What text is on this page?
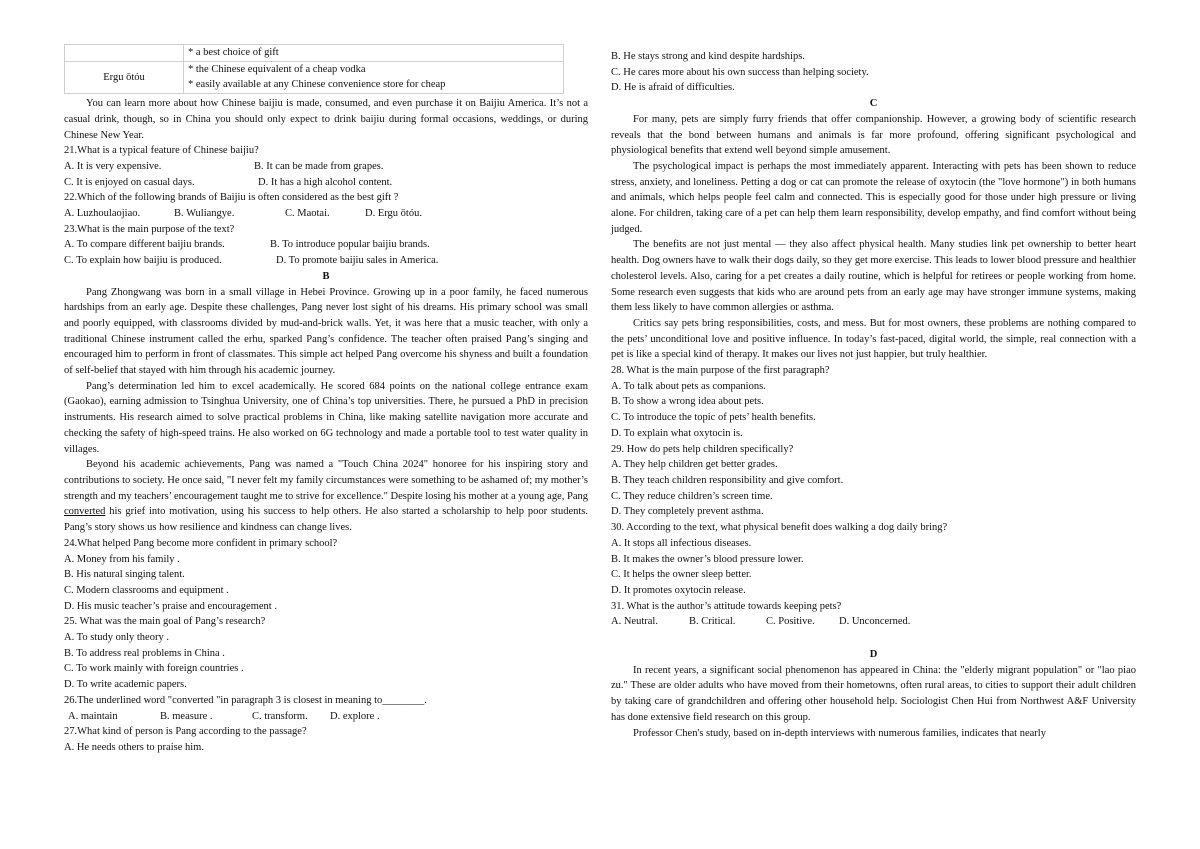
	* a best choice of gift

Ergu ōtóu	* the Chinese equivalent of a cheap vodka
* easily available at any Chinese convenience store for cheap

You can learn more about how Chinese baijiu is made, consumed, and even purchase it on Baijiu America. It’s not a casual drink, though, so in China you should only expect to drink baijiu during formal occasions, weddings, or during Chinese New Year.

21.What is a typical feature of Chinese baijiu?

A. It is very expensive.	B. It can be made from grapes.
C. It is enjoyed on casual days.	D. It has a high alcohol content.

22.Which of the following brands of Baijiu is often considered as the best gift ?

A. Luzhoulaojiao.	B. Wuliangye.	C. Maotai.	D. Ergu ōtóu.

23.What is the main purpose of the text?

A. To compare different baijiu brands.	B. To introduce popular baijiu brands.
C. To explain how baijiu is produced.	D. To promote baijiu sales in America.

B

Pang Zhongwang was born in a small village in Hebei Province. Growing up in a poor family, he faced numerous hardships from an early age. Despite these challenges, Pang never lost sight of his dreams. His primary school was small and poorly equipped, with classrooms divided by mud-and-brick walls. Yet, it was here that a music teacher, with only a traditional Chinese instrument called the erhu, sparked Pang’s confidence. The teacher often praised Pang’s singing and encouraged him to perform in front of classmates. This simple act helped Pang overcome his shyness and built a foundation of self-belief that stayed with him through his academic journey.

Pang’s determination led him to excel academically. He scored 684 points on the national college entrance exam (Gaokao), earning admission to Tsinghua University, one of China’s top universities. There, he pursued a PhD in precision instruments. His research aimed to solve practical problems in China, like making satellite navigation more accurate and checking the safety of high-speed trains. He also worked on 6G technology and made a portable tool to test water quality in villages.

Beyond his academic achievements, Pang was named a "Touch China 2024" honoree for his inspiring story and contributions to society. He once said, "I never felt my family circumstances were something to be ashamed of; my mother’s strength and my teachers’ encouragement taught me to strive for excellence." Despite losing his mother at a young age, Pang converted his grief into motivation, using his success to help others. He also started a scholarship to help poor students. Pang’s story shows us how resilience and kindness can change lives.

24.What helped Pang become more confident in primary school?

A. Money from his family .

B. His natural singing talent.

C. Modern classrooms and equipment .

D. His music teacher’s praise and encouragement .

25. What was the main goal of Pang’s research?

A. To study only theory .

B. To address real problems in China .

C. To work mainly with foreign countries .

D. To write academic papers.

26.The underlined word "converted "in paragraph 3 is closest in meaning to________.

A. maintain	B. measure .	C. transform.	D. explore .

27.What kind of person is Pang according to the passage?

A. He needs others to praise him.

B. He stays strong and kind despite hardships.

C. He cares more about his own success than helping society.

D. He is afraid of difficulties.

C

For many, pets are simply furry friends that offer companionship. However, a growing body of scientific research reveals that the bond between humans and animals is far more profound, offering significant psychological and physiological benefits that extend well beyond simple amusement.

The psychological impact is perhaps the most immediately apparent. Interacting with pets has been shown to reduce stress, anxiety, and loneliness. Petting a dog or cat can promote the release of oxytocin (the "love hormone") in both humans and animals, which helps people feel calm and connected. This is especially good for those under high pressure or living alone. For children, taking care of a pet can help them learn responsibility, develop empathy, and find comfort without being judged.

The benefits are not just mental — they also affect physical health. Many studies link pet ownership to better heart health. Dog owners have to walk their dogs daily, so they get more exercise. This leads to lower blood pressure and healthier cholesterol levels. Also, caring for a pet creates a daily routine, which is helpful for retirees or people working from home. Some research even suggests that kids who are around pets from an early age may have stronger immune systems, making them less likely to have common allergies or asthma.

Critics say pets bring responsibilities, costs, and mess. But for most owners, these problems are nothing compared to the pets’ unconditional love and positive influence. In today’s fast-paced, digital world, the simple, real connection with a pet is like a special kind of therapy. It makes our lives not just happier, but truly healthier.

28. What is the main purpose of the first paragraph?

A. To talk about pets as companions.

B. To show a wrong idea about pets.

C. To introduce the topic of pets’ health benefits.

D. To explain what oxytocin is.

29. How do pets help children specifically?

A. They help children get better grades.

B. They teach children responsibility and give comfort.

C. They reduce children’s screen time.

D. They completely prevent asthma.

30. According to the text, what physical benefit does walking a dog daily bring?

A. It stops all infectious diseases.

B. It makes the owner’s blood pressure lower.

C. It helps the owner sleep better.

D. It promotes oxytocin release.

31. What is the author’s attitude towards keeping pets?

A. Neutral.	B. Critical.	C. Positive.	D. Unconcerned.

D

In recent years, a significant social phenomenon has appeared in China: the "elderly migrant population" or "lao piao zu." These are older adults who have moved from their hometowns, often rural areas, to cities to support their adult children by taking care of grandchildren and offering other household help. Sociologist Chen Hui from Northwest A&F University has done extensive field research on this group.

Professor Chen's study, based on in-depth interviews with numerous families, indicates that nearly
